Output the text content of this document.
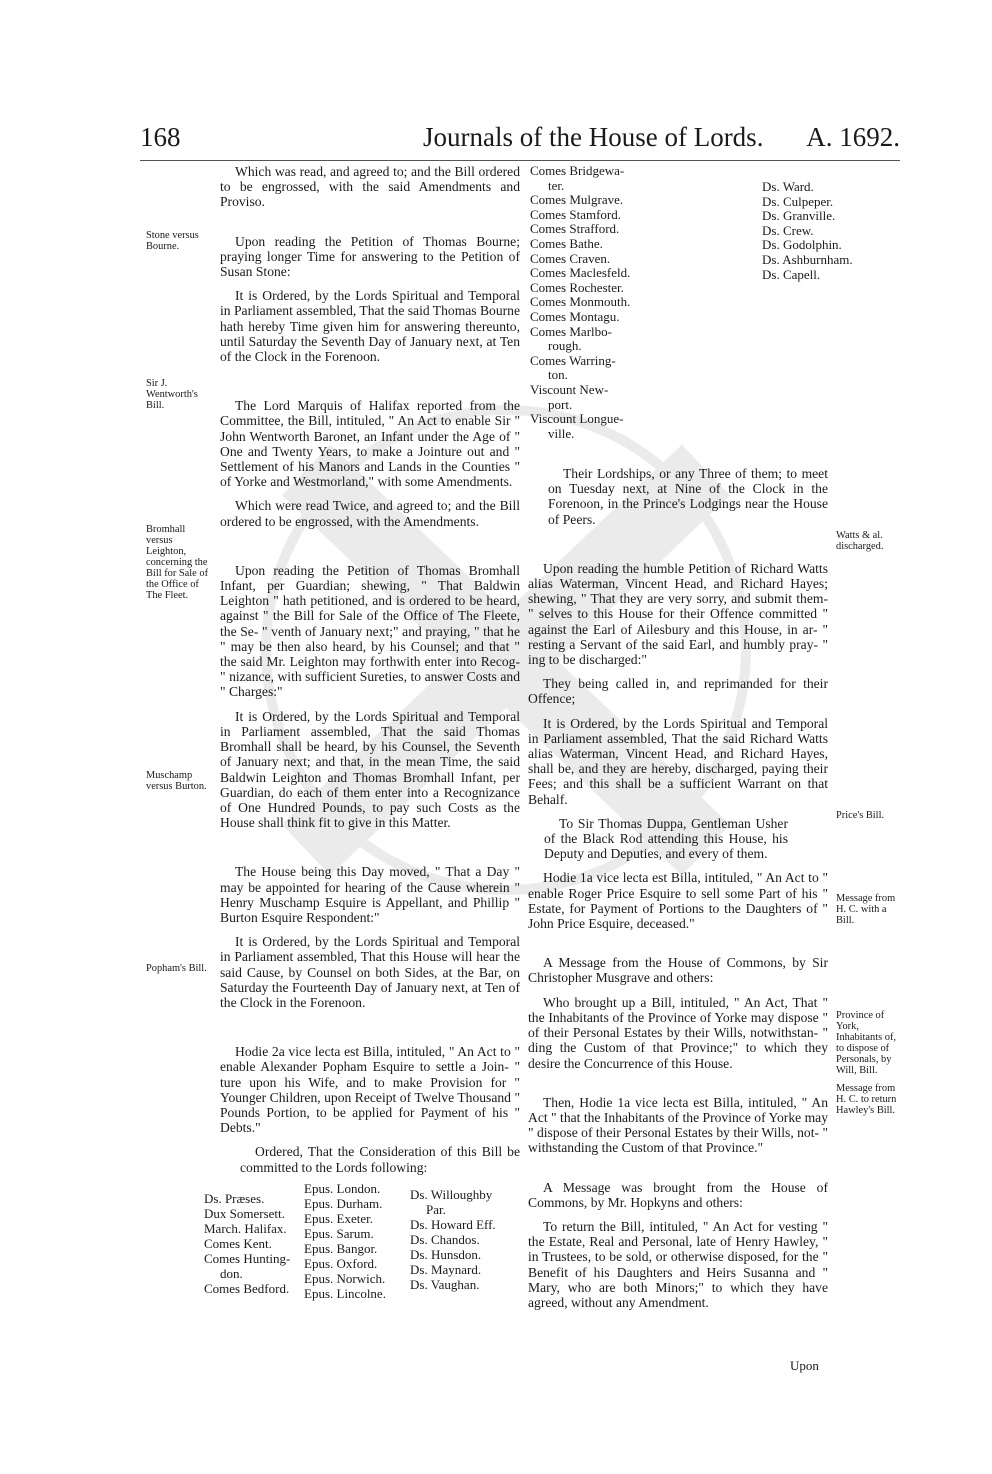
168	Journals of the House of Lords. A. 1692.
Stone versus Bourne.
Sir J. Wentworth's Bill.
Bromhall versus Leighton, concerning the Bill for Sale of the Office of The Fleet.
Muschamp versus Burton.
Popham's Bill.
Watts & al. discharged.
Price's Bill.
Message from H. C. with a Bill.
Province of York, Inhabitants of, to dispose of Personals, by Will, Bill.
Message from H. C. to return Hawley's Bill.

Which was read, and agreed to; and the Bill ordered to be engrossed, with the said Amendments and Proviso.

Upon reading the Petition of Thomas Bourne; praying longer Time for answering to the Petition of Susan Stone:

It is Ordered, by the Lords Spiritual and Temporal in Parliament assembled, That the said Thomas Bourne hath hereby Time given him for answering thereunto, until Saturday the Seventh Day of January next, at Ten of the Clock in the Forenoon.

The Lord Marquis of Halifax reported from the Committee, the Bill, intituled, " An Act to enable Sir " John Wentworth Baronet, an Infant under the Age of " One and Twenty Years, to make a Jointure out and " Settlement of his Manors and Lands in the Counties " of Yorke and Westmorland," with some Amendments.

Which were read Twice, and agreed to; and the Bill ordered to be engrossed, with the Amendments.

Upon reading the Petition of Thomas Bromhall Infant, per Guardian; shewing, " That Baldwin Leighton " hath petitioned, and is ordered to be heard, against " the Bill for Sale of the Office of The Fleete, the Se- " venth of January next;" and praying, " that he " may be then also heard, by his Counsel; and that " the said Mr. Leighton may forthwith enter into Recog- " nizance, with sufficient Sureties, to answer Costs and " Charges:"

It is Ordered, by the Lords Spiritual and Temporal in Parliament assembled, That the said Thomas Bromhall shall be heard, by his Counsel, the Seventh of January next; and that, in the mean Time, the said Baldwin Leighton and Thomas Bromhall Infant, per Guardian, do each of them enter into a Recognizance of One Hundred Pounds, to pay such Costs as the House shall think fit to give in this Matter.

The House being this Day moved, " That a Day " may be appointed for hearing of the Cause wherein " Henry Muschamp Esquire is Appellant, and Phillip " Burton Esquire Respondent:"

It is Ordered, by the Lords Spiritual and Temporal in Parliament assembled, That this House will hear the said Cause, by Counsel on both Sides, at the Bar, on Saturday the Fourteenth Day of January next, at Ten of the Clock in the Forenoon.

Hodie 2a vice lecta est Billa, intituled, " An Act to " enable Alexander Popham Esquire to settle a Join- " ture upon his Wife, and to make Provision for " Younger Children, upon Receipt of Twelve Thousand " Pounds Portion, to be applied for Payment of his " Debts."

Ordered, That the Consideration of this Bill be committed to the Lords following:

Ds. Præses.
Dux Somersett.
March. Halifax.
Comes Kent.
Comes Hunting-
don.
Comes Bedford.
Epus. London.
Epus. Durham.
Epus. Exeter.
Epus. Sarum.
Epus. Bangor.
Epus. Oxford.
Epus. Norwich.
Epus. Lincolne.
Ds. Willoughby
Par.
Ds. Howard Eff.
Ds. Chandos.
Ds. Hunsdon.
Ds. Maynard.
Ds. Vaughan.
Comes Bridgewa-
ter.
Comes Mulgrave.
Comes Stamford.
Comes Strafford.
Comes Bathe.
Comes Craven.
Comes Maclesfeld.
Comes Rochester.
Comes Monmouth.
Comes Montagu.
Comes Marlbo-
rough.
Comes Warring-
ton.
Viscount New-
port.
Viscount Longue-
ville.
Ds. Ward.
Ds. Culpeper.
Ds. Granville.
Ds. Crew.
Ds. Godolphin.
Ds. Ashburnham.
Ds. Capell.

Their Lordships, or any Three of them; to meet on Tuesday next, at Nine of the Clock in the Forenoon, in the Prince's Lodgings near the House of Peers.

Upon reading the humble Petition of Richard Watts alias Waterman, Vincent Head, and Richard Hayes; shewing, " That they are very sorry, and submit them- " selves to this House for their Offence committed " against the Earl of Ailesbury and this House, in ar- " resting a Servant of the said Earl, and humbly pray- " ing to be discharged:"

They being called in, and reprimanded for their Offence;

It is Ordered, by the Lords Spiritual and Temporal in Parliament assembled, That the said Richard Watts alias Waterman, Vincent Head, and Richard Hayes, shall be, and they are hereby, discharged, paying their Fees; and this shall be a sufficient Warrant on that Behalf.

To Sir Thomas Duppa, Gentleman Usher of the Black Rod attending this House, his Deputy and Deputies, and every of them.

Hodie 1a vice lecta est Billa, intituled, " An Act to " enable Roger Price Esquire to sell some Part of his " Estate, for Payment of Portions to the Daughters of " John Price Esquire, deceased."

A Message from the House of Commons, by Sir Christopher Musgrave and others:

Who brought up a Bill, intituled, " An Act, That " the Inhabitants of the Province of Yorke may dispose " of their Personal Estates by their Wills, notwithstan- " ding the Custom of that Province;" to which they desire the Concurrence of this House.

Then, Hodie 1a vice lecta est Billa, intituled, " An Act " that the Inhabitants of the Province of Yorke may " dispose of their Personal Estates by their Wills, not- " withstanding the Custom of that Province."

A Message was brought from the House of Commons, by Mr. Hopkyns and others:

To return the Bill, intituled, " An Act for vesting " the Estate, Real and Personal, late of Henry Hawley, " in Trustees, to be sold, or otherwise disposed, for the " Benefit of his Daughters and Heirs Susanna and " Mary, who are both Minors;" to which they have agreed, without any Amendment.

Upon
